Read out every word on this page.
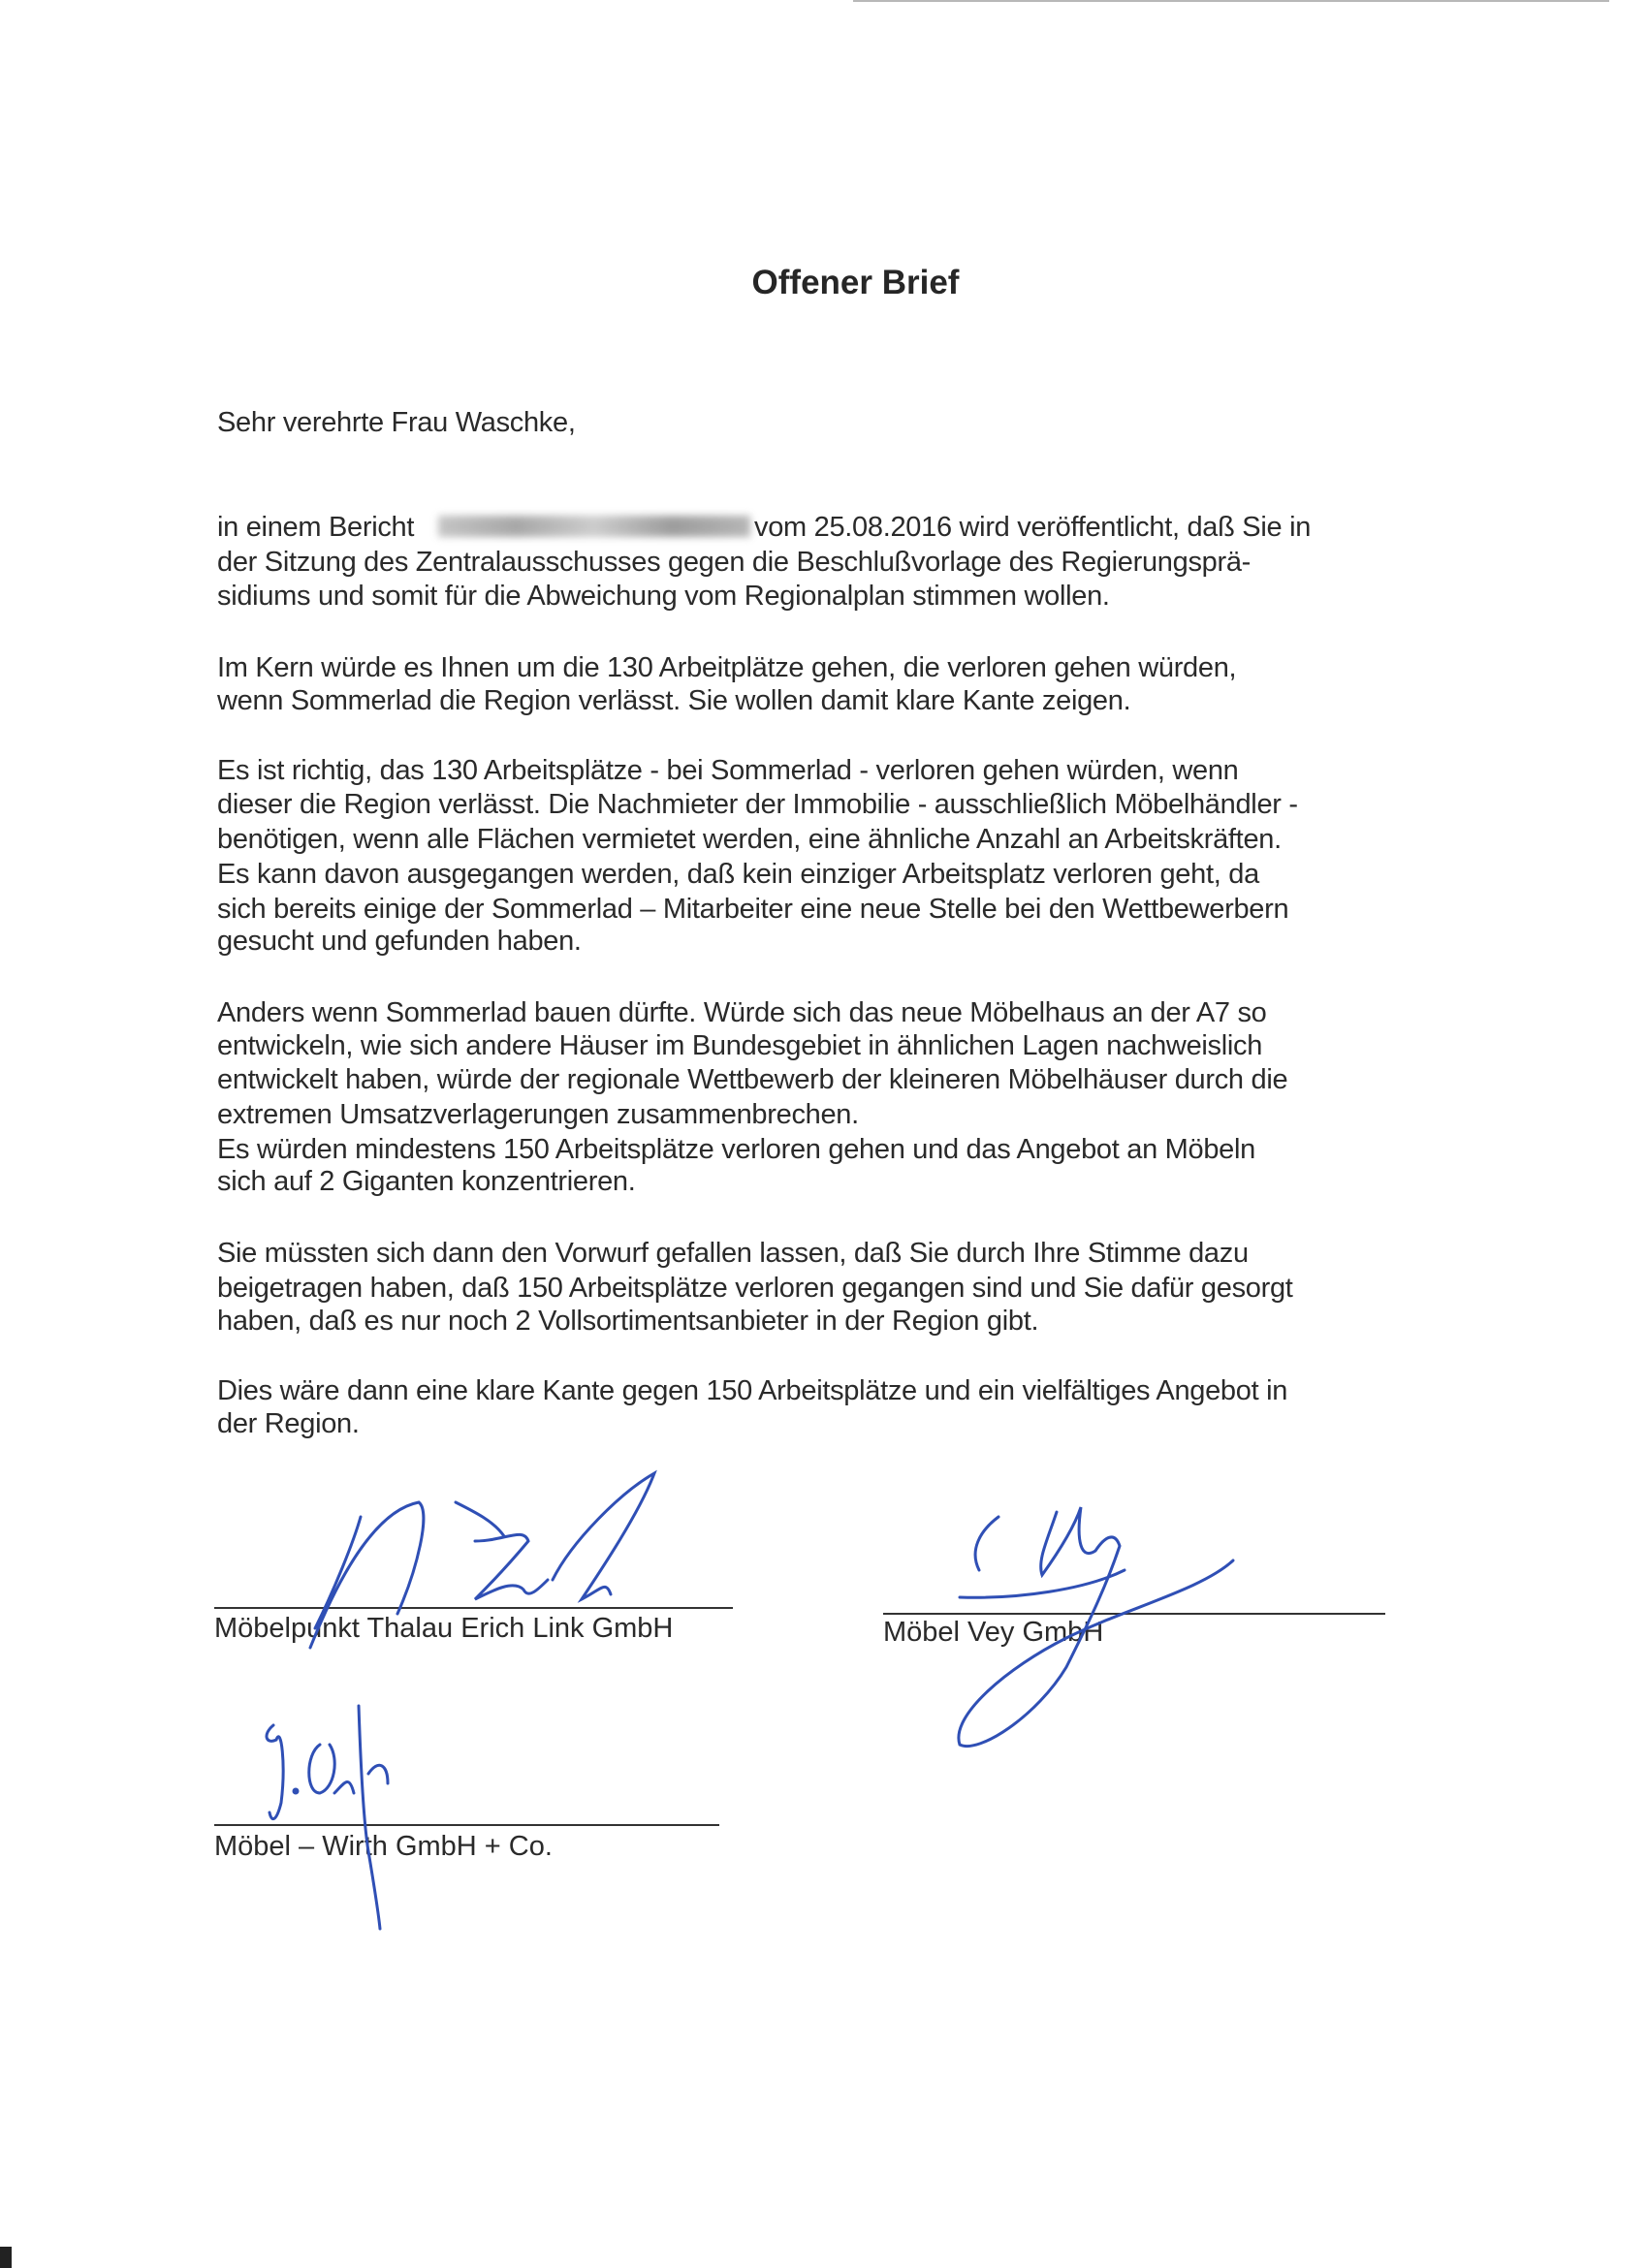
Offener Brief
Sehr verehrte Frau Waschke,
in einem Bericht	vom 25.08.2016 wird veröffentlicht, daß Sie in
der Sitzung des Zentralausschusses gegen die Beschlußvorlage des Regierungsprä-
sidiums und somit für die Abweichung vom Regionalplan stimmen wollen.
Im Kern würde es Ihnen um die 130 Arbeitplätze gehen, die verloren gehen würden,
wenn Sommerlad die Region verlässt. Sie wollen damit klare Kante zeigen.
Es ist richtig, das 130 Arbeitsplätze - bei Sommerlad - verloren gehen würden, wenn
dieser die Region verlässt. Die Nachmieter der Immobilie - ausschließlich Möbelhändler -
benötigen, wenn alle Flächen vermietet werden, eine ähnliche Anzahl an Arbeitskräften.
Es kann davon ausgegangen werden, daß kein einziger Arbeitsplatz verloren geht, da
sich bereits einige der Sommerlad – Mitarbeiter eine neue Stelle bei den Wettbewerbern
gesucht und gefunden haben.
Anders wenn Sommerlad bauen dürfte. Würde sich das neue Möbelhaus an der A7 so
entwickeln, wie sich andere Häuser im Bundesgebiet in ähnlichen Lagen nachweislich
entwickelt haben, würde der regionale Wettbewerb der kleineren Möbelhäuser durch die
extremen Umsatzverlagerungen zusammenbrechen.
Es würden mindestens 150 Arbeitsplätze verloren gehen und das Angebot an Möbeln
sich auf 2 Giganten konzentrieren.
Sie müssten sich dann den Vorwurf gefallen lassen, daß Sie durch Ihre Stimme dazu
beigetragen haben, daß 150 Arbeitsplätze verloren gegangen sind und Sie dafür gesorgt
haben, daß es nur noch 2 Vollsortimentsanbieter in der Region gibt.
Dies wäre dann eine klare Kante gegen 150 Arbeitsplätze und ein vielfältiges Angebot in
der Region.
Möbelpunkt Thalau Erich Link GmbH	Möbel Vey GmbH
Möbel – Wirth GmbH + Co.
